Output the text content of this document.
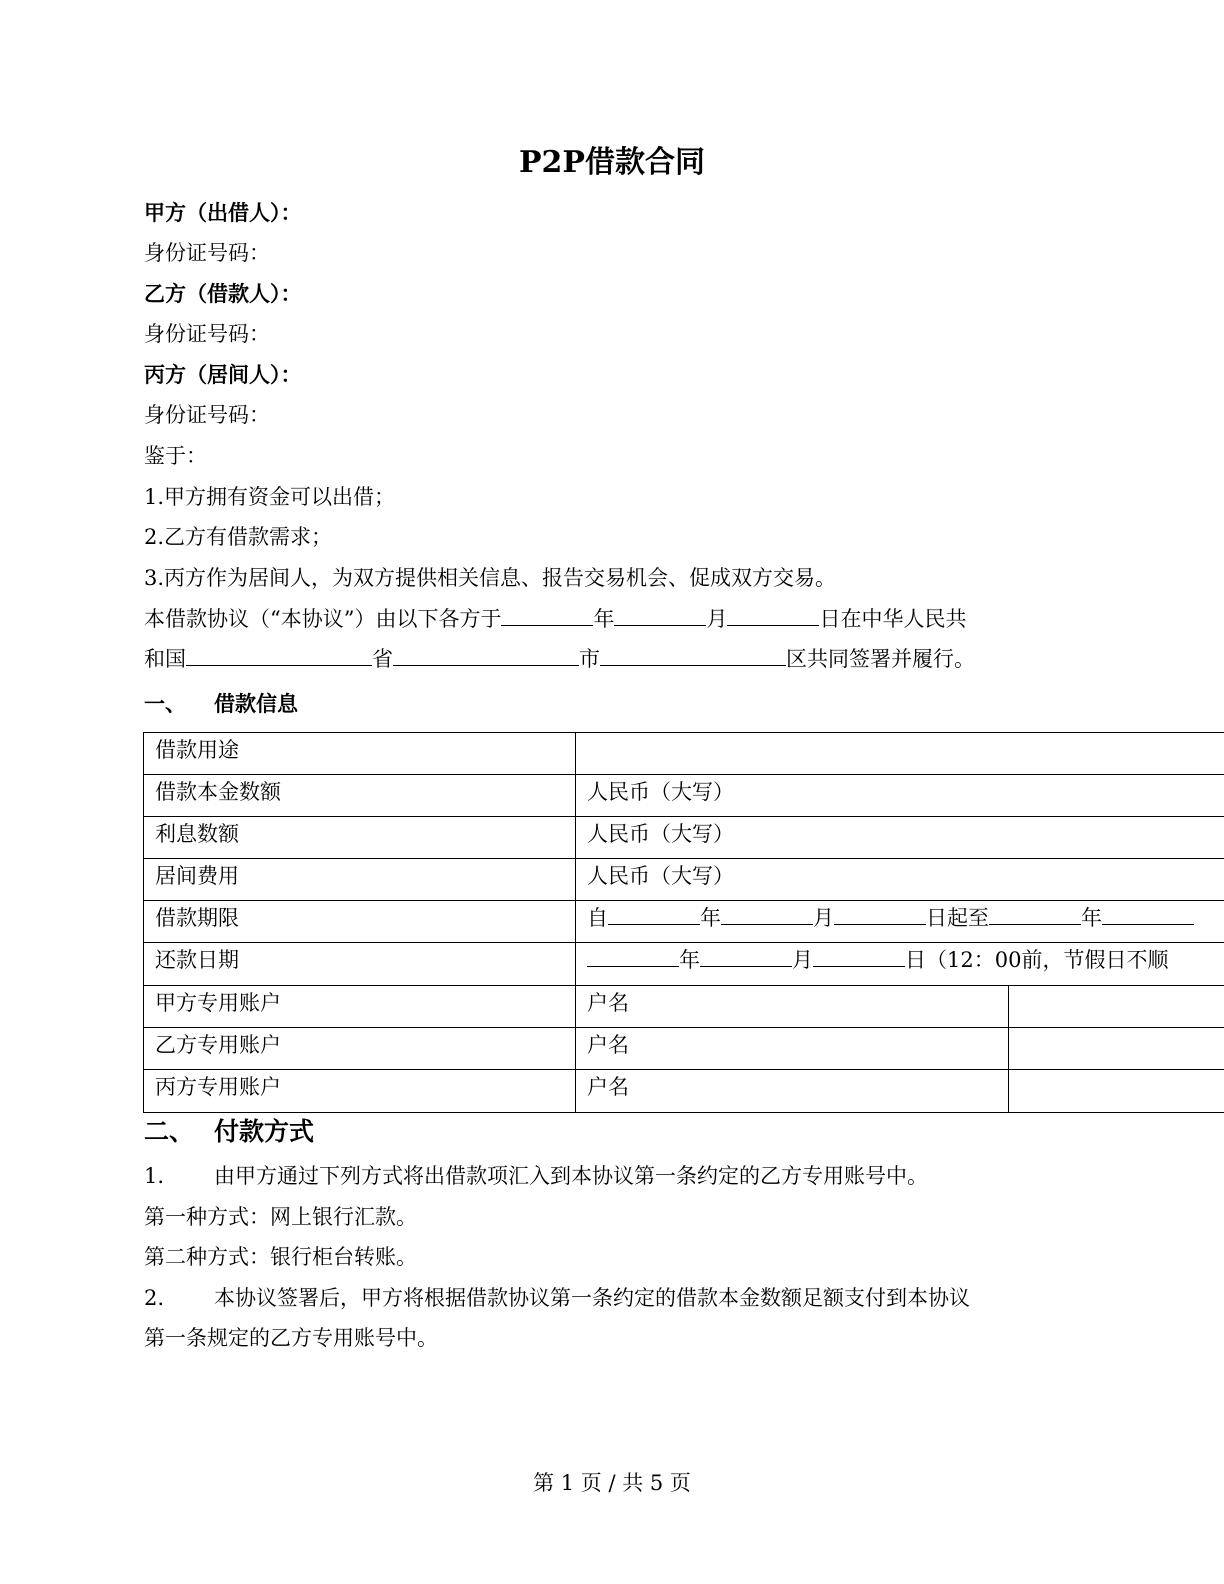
P2P借款合同
甲方（出借人）：
身份证号码：
乙方（借款人）：
身份证号码：
丙方（居间人）：
身份证号码：
鉴于：
1.甲方拥有资金可以出借；
2.乙方有借款需求；
3.丙方作为居间人，为双方提供相关信息、报告交易机会、促成双方交易。
本借款协议（“本协议”）由以下各方于	年	月	日在中华人民共
和国	省	市	区共同签署并履行。
一、 借款信息
借款用途
借款本金数额	人民币（大写）
利息数额	人民币（大写）
居间费用	人民币（大写）
借款期限	自	年	月	日起至	年
还款日期	年	月	日（12：00前，节假日不顺
甲方专用账户	户名
乙方专用账户	户名
丙方专用账户	户名
二、 付款方式
1. 由甲方通过下列方式将出借款项汇入到本协议第一条约定的乙方专用账号中。
第一种方式：网上银行汇款。
第二种方式：银行柜台转账。
2. 本协议签署后，甲方将根据借款协议第一条约定的借款本金数额足额支付到本协议
第一条规定的乙方专用账号中。
第 1 页 / 共 5 页
